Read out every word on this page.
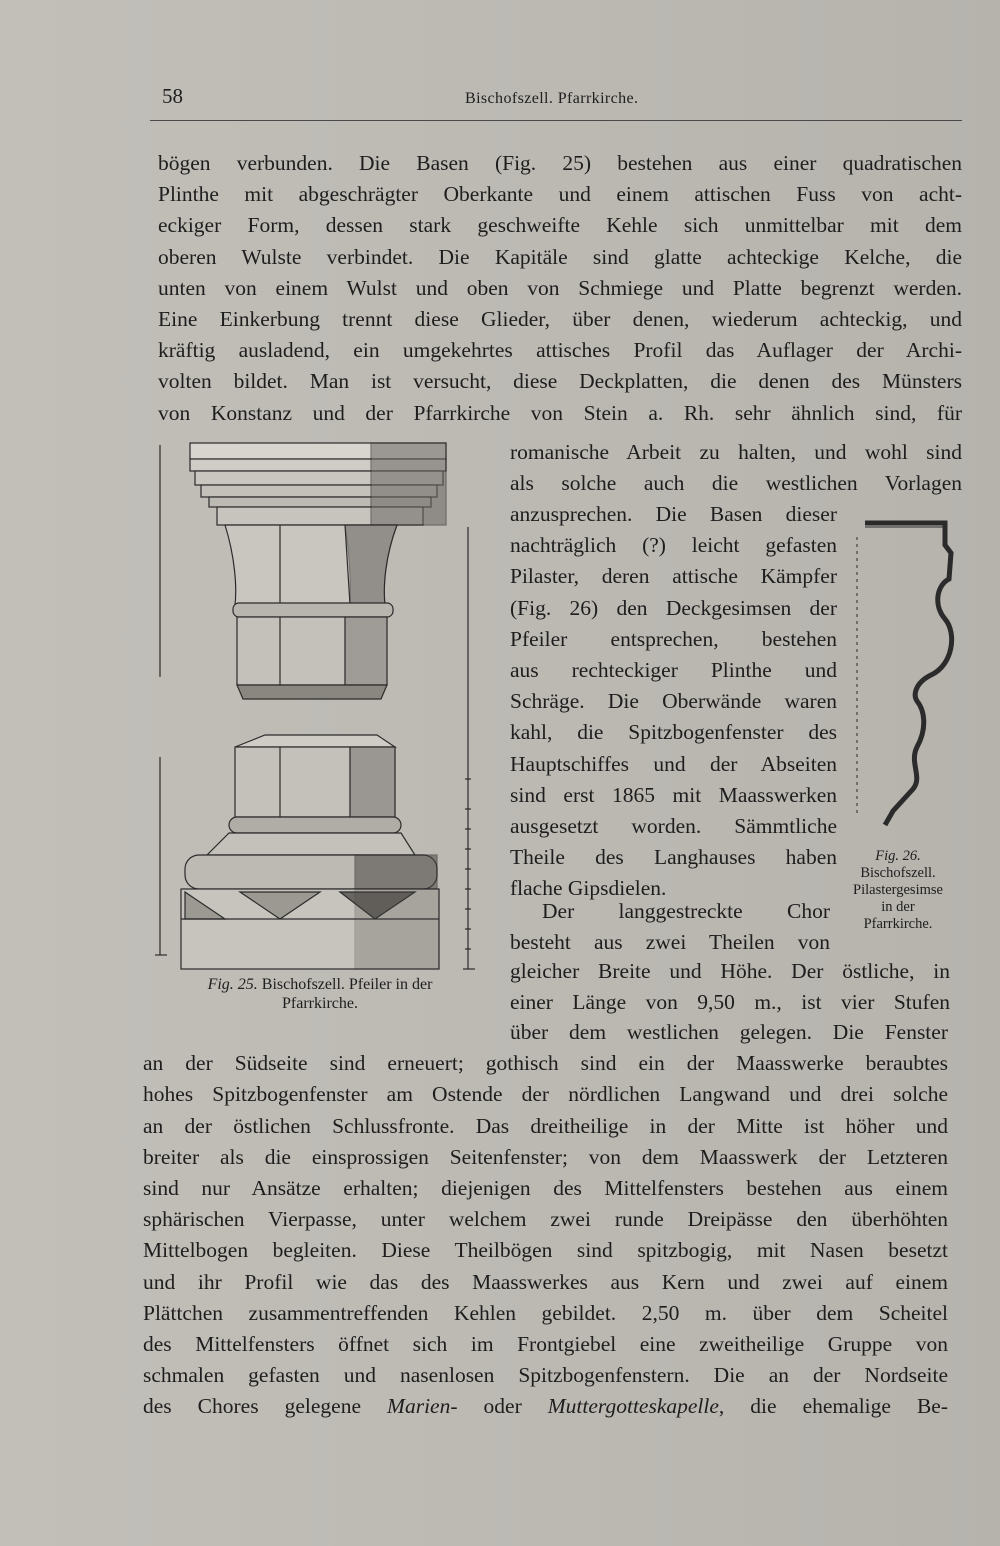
58	Bischofszell. Pfarrkirche.
bögen verbunden. Die Basen (Fig. 25) bestehen aus einer quadratischen
Plinthe mit abgeschrägter Oberkante und einem attischen Fuss von acht-
eckiger Form, dessen stark geschweifte Kehle sich unmittelbar mit dem
oberen Wulste verbindet. Die Kapitäle sind glatte achteckige Kelche, die
unten von einem Wulst und oben von Schmiege und Platte begrenzt werden.
Eine Einkerbung trennt diese Glieder, über denen, wiederum achteckig, und
kräftig ausladend, ein umgekehrtes attisches Profil das Auflager der Archi-
volten bildet. Man ist versucht, diese Deckplatten, die denen des Münsters
von Konstanz und der Pfarrkirche von Stein a. Rh. sehr ähnlich sind, für
romanische Arbeit zu halten, und wohl sind
als solche auch die westlichen Vorlagen
anzusprechen. Die Basen dieser
nachträglich (?) leicht gefasten
Pilaster, deren attische Kämpfer
(Fig. 26) den Deckgesimsen der
Pfeiler entsprechen, bestehen
aus rechteckiger Plinthe und
Schräge. Die Oberwände waren
kahl, die Spitzbogenfenster des
Hauptschiffes und der Abseiten
sind erst 1865 mit Maasswerken
ausgesetzt worden. Sämmtliche
Theile des Langhauses haben
flache Gipsdielen.
Der langgestreckte Chor
besteht aus zwei Theilen von
gleicher Breite und Höhe. Der östliche, in
einer Länge von 9,50 m., ist vier Stufen
über dem westlichen gelegen. Die Fenster
an der Südseite sind erneuert; gothisch sind ein der Maasswerke beraubtes
hohes Spitzbogenfenster am Ostende der nördlichen Langwand und drei solche
an der östlichen Schlussfronte. Das dreitheilige in der Mitte ist höher und
breiter als die einsprossigen Seitenfenster; von dem Maasswerk der Letzteren
sind nur Ansätze erhalten; diejenigen des Mittelfensters bestehen aus einem
sphärischen Vierpasse, unter welchem zwei runde Dreipässe den überhöhten
Mittelbogen begleiten. Diese Theilbögen sind spitzbogig, mit Nasen besetzt
und ihr Profil wie das des Maasswerkes aus Kern und zwei auf einem
Plättchen zusammentreffenden Kehlen gebildet. 2,50 m. über dem Scheitel
des Mittelfensters öffnet sich im Frontgiebel eine zweitheilige Gruppe von
schmalen gefasten und nasenlosen Spitzbogenfenstern. Die an der Nordseite
des Chores gelegene Marien- oder Muttergotteskapelle, die ehemalige Be-
Fig. 25. Bischofszell. Pfeiler in der Pfarrkirche.
Fig. 26.
Bischofszell.
Pilastergesimse
in der
Pfarrkirche.
